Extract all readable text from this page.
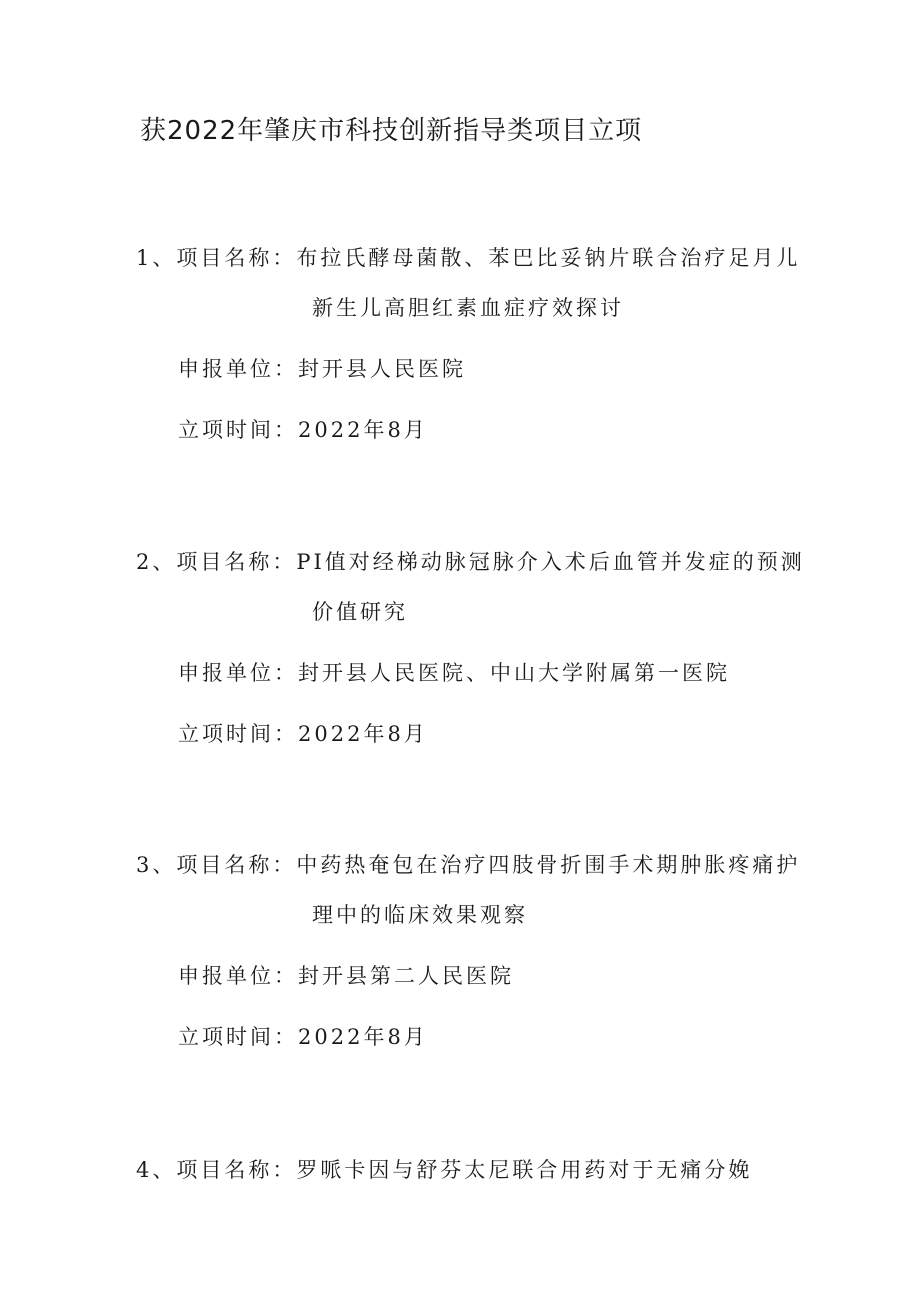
获2022年肇庆市科技创新指导类项目立项
1、项目名称：布拉氏酵母菌散、苯巴比妥钠片联合治疗足月儿
新生儿高胆红素血症疗效探讨
申报单位：封开县人民医院
立项时间：2022年8月
2、项目名称：PI值对经梯动脉冠脉介入术后血管并发症的预测
价值研究
申报单位：封开县人民医院、中山大学附属第一医院
立项时间：2022年8月
3、项目名称：中药热奄包在治疗四肢骨折围手术期肿胀疼痛护
理中的临床效果观察
申报单位：封开县第二人民医院
立项时间：2022年8月
4、项目名称：罗哌卡因与舒芬太尼联合用药对于无痛分娩
